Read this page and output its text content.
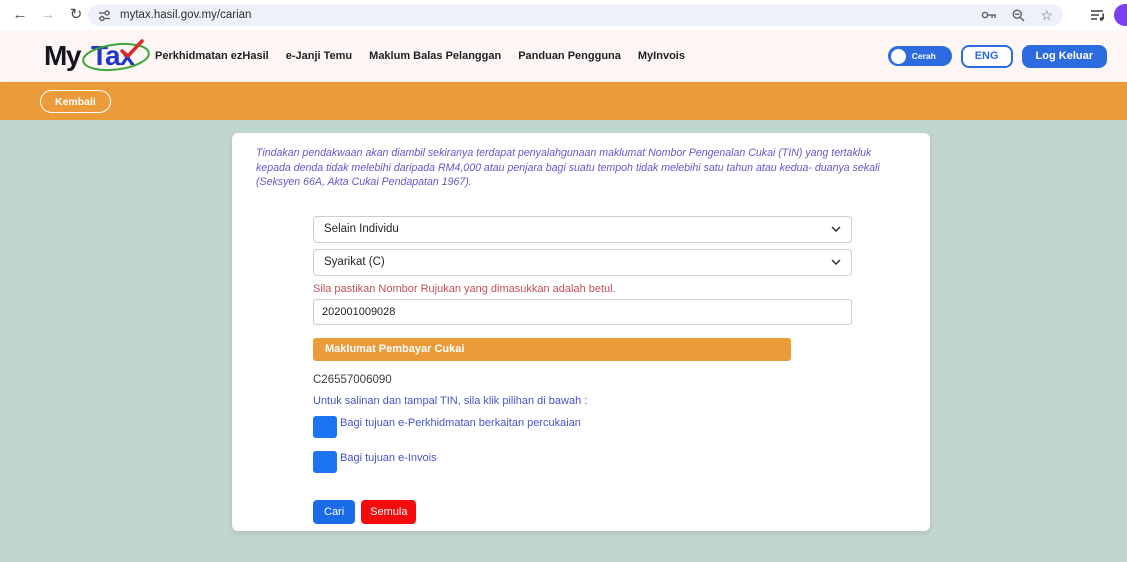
← → ↻	mytax.hasil.gov.my/carian	☆
My Tax Perkhidmatan ezHasil e-Janji Temu Maklum Balas Pelanggan Panduan Pengguna MyInvois	Cerah	ENG	Log Keluar
Kembali

Tindakan pendakwaan akan diambil sekiranya terdapat penyalahgunaan maklumat Nombor Pengenalan Cukai (TIN) yang tertakluk kepada denda tidak melebihi daripada RM4,000 atau penjara bagi suatu tempoh tidak melebihi satu tahun atau kedua- duanya sekali (Seksyen 66A, Akta Cukai Pendapatan 1967).

Selain Individu
Syarikat (C)
Sila pastikan Nombor Rujukan yang dimasukkan adalah betul.
202001009028
Maklumat Pembayar Cukai
C26557006090
Untuk salinan dan tampal TIN, sila klik pilihan di bawah :
Bagi tujuan e-Perkhidmatan berkaitan percukaian
Bagi tujuan e-Invois
Cari	Semula
